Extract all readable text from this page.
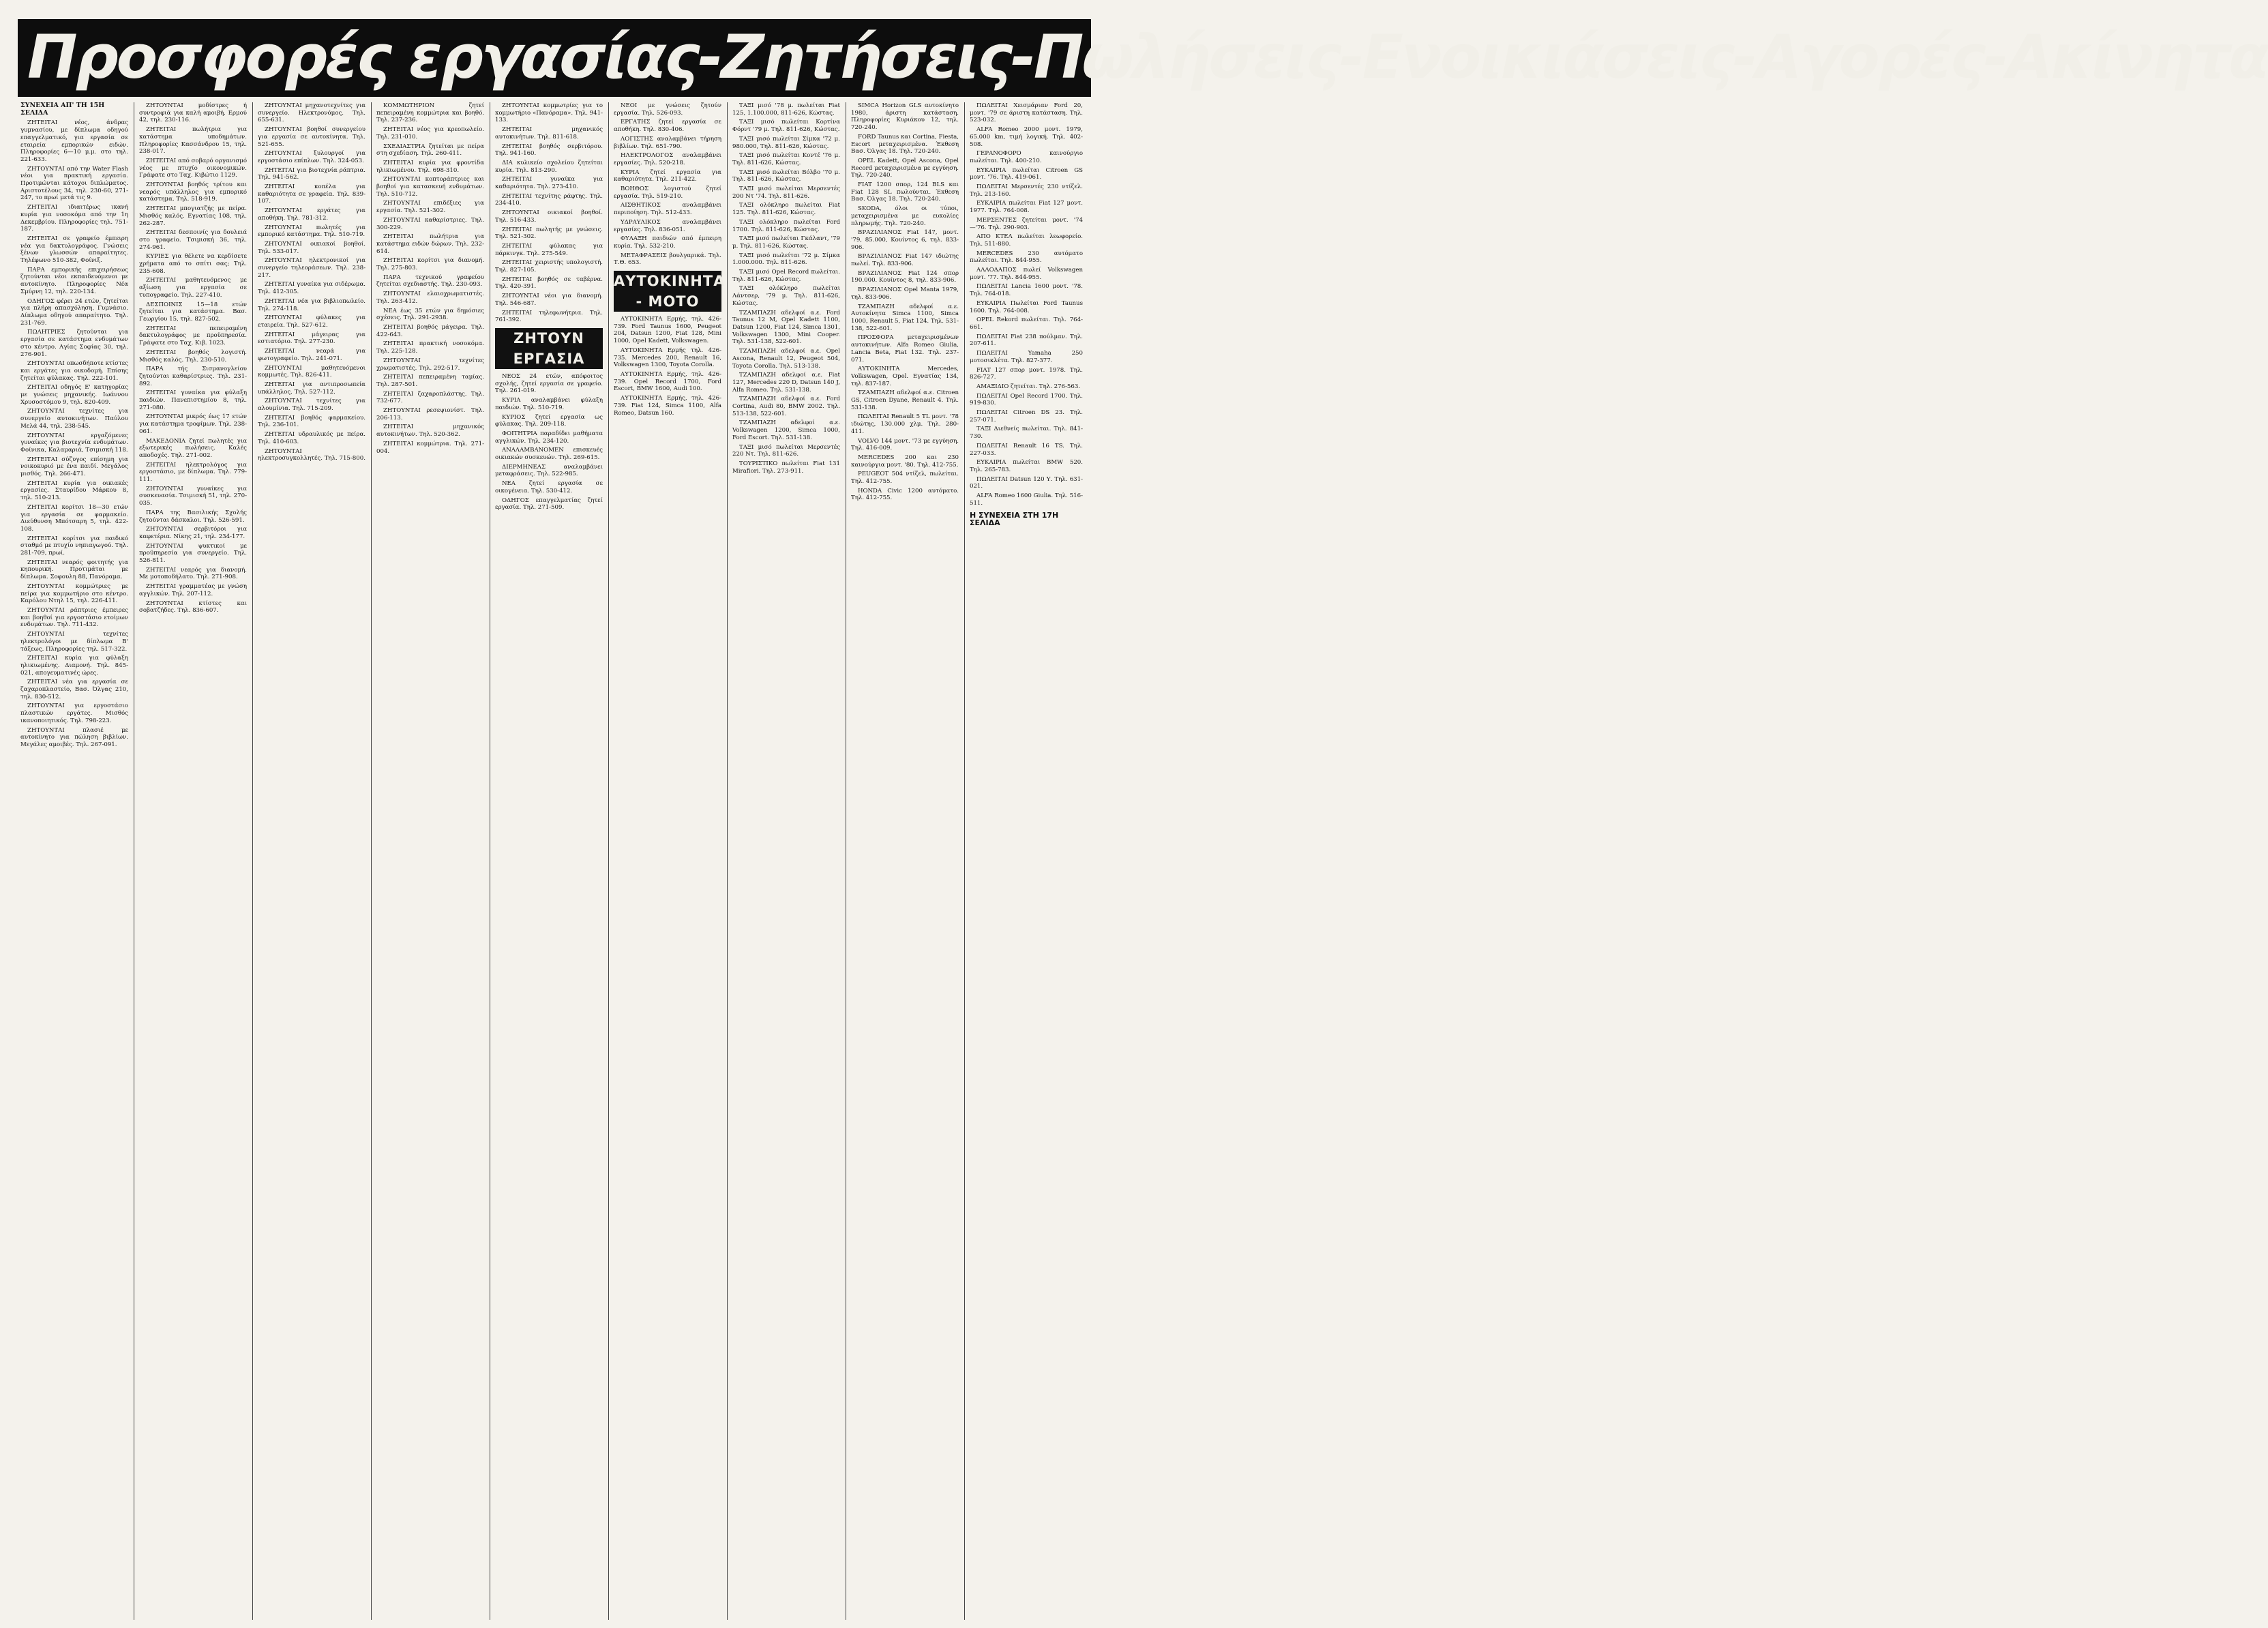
Προσφορές εργασίας-Ζητήσεις-Πωλήσεις-Ενοικιάσεις-Αγορές-Ακίνητα
ΣΥΝΕΧΕΙΑ ΑΠ' ΤΗ 15Η ΣΕΛΙΔΑ

ΖΗΤΕΙΤΑΙ νέος, άνδρας γυμνασίου, με δίπλωμα οδηγού επαγγελματικό, για εργασία σε εταιρεία εμπορικών ειδών. Πληροφορίες 6—10 μ.μ. στο τηλ. 221-633.

ΖΗΤΟΥΝΤΑΙ από την Water Flash νέοι για πρακτική εργασία. Προτιμώνται κάτοχοι διπλώματος. Αριστοτέλους 34, τηλ. 230-60, 271-247, το πρωί μετά τις 9.

ΖΗΤΕΙΤΑΙ ιδιαιτέρως ικανή κυρία για νοσοκόμα από την 1η Δεκεμβρίου. Πληροφορίες τηλ. 751-187.

ΖΗΤΕΙΤΑΙ σε γραφείο έμπειρη νέα για δακτυλογράφος. Γνώσεις ξένων γλωσσών απαραίτητες. Τηλέφωνο 510-382, Φοίνιξ.

ΠΑΡΑ εμπορικής επιχειρήσεως ζητούνται νέοι εκπαιδευόμενοι με αυτοκίνητο. Πληροφορίες Νέα Σμύρνη 12, τηλ. 220-134.

ΟΔΗΓΟΣ φέρει 24 ετών, ζητείται για πλήρη απασχόληση, Γυμνάσιο. Δίπλωμα οδηγού απαραίτητο. Τηλ. 231-769.

ΠΩΛΗΤΡΙΕΣ ζητούνται για εργασία σε κατάστημα ενδυμάτων στο κέντρο. Αγίας Σοφίας 30, τηλ. 276-901.

ΖΗΤΟΥΝΤΑΙ οπωσδήποτε κτίστες και εργάτες για οικοδομή. Επίσης ζητείται φύλακας. Τηλ. 222-101.

ΖΗΤΕΙΤΑΙ οδηγός Ε' κατηγορίας με γνώσεις μηχανικής. Ιωάννου Χρυσοστόμου 9, τηλ. 820-409.

ΖΗΤΟΥΝΤΑΙ τεχνίτες για συνεργείο αυτοκινήτων. Παύλου Μελά 44, τηλ. 238-545.

ΖΗΤΟΥΝΤΑΙ εργαζόμενες γυναίκες για βιοτεχνία ενδυμάτων. Φοίνικα, Καλαμαριά, Τσιμισκή 118.

ΖΗΤΕΙΤΑΙ σύζυγος επίσημη για νοικοκυριό με ένα παιδί. Μεγάλος μισθός. Τηλ. 266-471.

ΖΗΤΕΙΤΑΙ κυρία για οικιακές εργασίες. Σταυρίδου Μάρκου 8, τηλ. 510-213.

ΖΗΤΕΙΤΑΙ κορίτσι 18—30 ετών για εργασία σε φαρμακείο. Διεύθυνση Μπότσαρη 5, τηλ. 422-108.

ΖΗΤΕΙΤΑΙ κορίτσι για παιδικό σταθμό με πτυχίο νηπιαγωγού. Τηλ. 281-709, πρωί.

ΖΗΤΕΙΤΑΙ νεαρός φοιτητής για κηπουρική. Προτιμάται με δίπλωμα. Σοφουλη 88, Πανόραμα.

ΖΗΤΟΥΝΤΑΙ κομμώτριες με πείρα για κομμωτήριο στο κέντρο. Καρόλου Ντηλ 15, τηλ. 226-411.

ΖΗΤΟΥΝΤΑΙ ράπτριες έμπειρες και βοηθοί για εργοστάσιο ετοίμων ενδυμάτων. Τηλ. 711-432.

ΖΗΤΟΥΝΤΑΙ τεχνίτες ηλεκτρολόγοι με δίπλωμα Β' τάξεως. Πληροφορίες τηλ. 517-322.

ΖΗΤΕΙΤΑΙ κυρία για φύλαξη ηλικιωμένης. Διαμονή. Τηλ. 845-021, απογευματινές ώρες.

ΖΗΤΕΙΤΑΙ νέα για εργασία σε ζαχαροπλαστείο, Βασ. Όλγας 210, τηλ. 830-512.

ΖΗΤΟΥΝΤΑΙ για εργοστάσιο πλαστικών εργάτες. Μισθός ικανοποιητικός. Τηλ. 798-223.

ΖΗΤΟΥΝΤΑΙ πλασιέ με αυτοκίνητο για πώληση βιβλίων. Μεγάλες αμοιβές. Τηλ. 267-091.

ΖΗΤΟΥΝΤΑΙ μοδίστρες ή συντροφιά για καλή αμοιβή. Ερμού 42, τηλ. 230-116.

ΖΗΤΕΙΤΑΙ πωλήτρια για κατάστημα υποδημάτων. Πληροφορίες Κασσάνδρου 15, τηλ. 238-017.

ΖΗΤΕΙΤΑΙ από σοβαρό οργανισμό νέος με πτυχίο οικονομικών. Γράφατε στο Ταχ. Κιβώτιο 1129.

ΖΗΤΟΥΝΤΑΙ βοηθός τρίτου και νεαρός υπάλληλος για εμπορικό κατάστημα. Τηλ. 518-919.

ΖΗΤΕΙΤΑΙ μπογιατζής με πείρα. Μισθός καλός. Εγνατίας 108, τηλ. 262-287.

ΖΗΤΕΙΤΑΙ δεσποινίς για δουλειά στο γραφείο. Τσιμισκή 36, τηλ. 274-961.

ΚΥΡΙΕΣ για θέλετε να κερδίσετε χρήματα από το σπίτι σας; Τηλ. 235-608.

ΖΗΤΕΙΤΑΙ μαθητευόμενος με αξίωση για εργασία σε τυπογραφείο. Τηλ. 227-410.

ΔΕΣΠΟΙΝΙΣ 15—18 ετών ζητείται για κατάστημα. Βασ. Γεωργίου 15, τηλ. 827-502.

ΖΗΤΕΙΤΑΙ πεπειραμένη δακτυλογράφος με προϋπηρεσία. Γράψατε στο Ταχ. Κιβ. 1023.

ΖΗΤΕΙΤΑΙ βοηθός λογιστή. Μισθός καλός. Τηλ. 230-510.

ΠΑΡΑ τής Σισμανογλείου ζητούνται καθαρίστριες. Τηλ. 231-892.

ΖΗΤΕΙΤΑΙ γυναίκα για φύλαξη παιδιών. Πανεπιστημίου 8, τηλ. 271-080.

ΖΗΤΟΥΝΤΑΙ μικρός έως 17 ετών για κατάστημα τροφίμων. Τηλ. 238-061.

ΜΑΚΕΔΟΝΙΑ ζητεί πωλητές για εξωτερικές πωλήσεις. Καλές αποδοχές. Τηλ. 271-002.

ΖΗΤΕΙΤΑΙ ηλεκτρολόγος για εργοστάσιο, με δίπλωμα. Τηλ. 779-111.

ΖΗΤΟΥΝΤΑΙ γυναίκες για συσκευασία. Τσιμισκή 51, τηλ. 270-035.

ΠΑΡΑ της Βασιλικής Σχολής ζητούνται δάσκαλοι. Τηλ. 526-591.

ΖΗΤΟΥΝΤΑΙ σερβιτόροι για καφετέρια. Νίκης 21, τηλ. 234-177.

ΖΗΤΟΥΝΤΑΙ ψυκτικοί με προϋπηρεσία για συνεργείο. Τηλ. 526-811.

ΖΗΤΕΙΤΑΙ νεαρός για διανομή. Με μοτοποδήλατο. Τηλ. 271-908.

ΖΗΤΕΙΤΑΙ γραμματέας με γνώση αγγλικών. Τηλ. 207-112.

ΖΗΤΟΥΝΤΑΙ κτίστες και σοβατζήδες. Τηλ. 836-607.

ΖΗΤΟΥΝΤΑΙ μηχανοτεχνίτες για συνεργείο. Ηλεκτρονόμος. Τηλ. 655-631.

ΖΗΤΟΥΝΤΑΙ βοηθοί συνεργείου για εργασία σε αυτοκίνητα. Τηλ. 521-655.

ΖΗΤΟΥΝΤΑΙ ξυλουργοί για εργοστάσιο επίπλων. Τηλ. 324-053.

ΖΗΤΕΙΤΑΙ για βιοτεχνία ράπτρια. Τηλ. 941-562.

ΖΗΤΕΙΤΑΙ κοπέλα για καθαριότητα σε γραφεία. Τηλ. 839-107.

ΖΗΤΟΥΝΤΑΙ εργάτες για αποθήκη. Τηλ. 781-312.

ΖΗΤΟΥΝΤΑΙ πωλητές για εμπορικό κατάστημα. Τηλ. 510-719.

ΖΗΤΟΥΝΤΑΙ οικιακοί βοηθοί. Τηλ. 533-017.

ΖΗΤΟΥΝΤΑΙ ηλεκτρονικοί για συνεργείο τηλεοράσεων. Τηλ. 238-217.

ΖΗΤΕΙΤΑΙ γυναίκα για σιδέρωμα. Τηλ. 412-305.

ΖΗΤΕΙΤΑΙ νέα για βιβλιοπωλείο. Τηλ. 274-118.

ΖΗΤΟΥΝΤΑΙ φύλακες για εταιρεία. Τηλ. 527-612.

ΖΗΤΕΙΤΑΙ μάγειρας για εστιατόριο. Τηλ. 277-230.

ΖΗΤΕΙΤΑΙ νεαρά για φωτογραφείο. Τηλ. 241-071.

ΖΗΤΟΥΝΤΑΙ μαθητευόμενοι κομμωτές. Τηλ. 826-411.

ΖΗΤΕΙΤΑΙ για αντιπροσωπεία υπάλληλος. Τηλ. 527-112.

ΖΗΤΟΥΝΤΑΙ τεχνίτες για αλουμίνια. Τηλ. 715-209.

ΖΗΤΕΙΤΑΙ βοηθός φαρμακείου. Τηλ. 236-101.

ΖΗΤΕΙΤΑΙ υδραυλικός με πείρα. Τηλ. 410-603.

ΖΗΤΟΥΝΤΑΙ ηλεκτροσυγκολλητές. Τηλ. 715-800.

ΚΟΜΜΩΤΗΡΙΟΝ ζητεί πεπειραμένη κομμώτρια και βοηθό. Τηλ. 237-236.

ΖΗΤΕΙΤΑΙ νέος για κρεοπωλείο. Τηλ. 231-010.

ΣΧΕΔΙΑΣΤΡΙΑ ζητείται με πείρα στη σχεδίαση. Τηλ. 260-411.

ΖΗΤΕΙΤΑΙ κυρία για φροντίδα ηλικιωμένου. Τηλ. 698-310.

ΖΗΤΟΥΝΤΑΙ κοπτοράπτριες και βοηθοί για κατασκευή ενδυμάτων. Τηλ. 510-712.

ΖΗΤΟΥΝΤΑΙ επιδέξιες για εργασία. Τηλ. 521-302.

ΖΗΤΟΥΝΤΑΙ καθαρίστριες. Τηλ. 300-229.

ΖΗΤΕΙΤΑΙ πωλήτρια για κατάστημα ειδών δώρων. Τηλ. 232-614.

ΖΗΤΕΙΤΑΙ κορίτσι για διανομή. Τηλ. 275-803.

ΠΑΡΑ τεχνικού γραφείου ζητείται σχεδιαστής. Τηλ. 230-093.

ΖΗΤΟΥΝΤΑΙ ελαιοχρωματιστές. Τηλ. 263-412.

ΝΕΑ έως 35 ετών για δημόσιες σχέσεις. Τηλ. 291-2938.

ΖΗΤΕΙΤΑΙ βοηθός μάγειρα. Τηλ. 422-643.

ΖΗΤΕΙΤΑΙ πρακτική νοσοκόμα. Τηλ. 225-128.

ΖΗΤΟΥΝΤΑΙ τεχνίτες χρωματιστές. Τηλ. 292-517.

ΖΗΤΕΙΤΑΙ πεπειραμένη ταμίας. Τηλ. 287-501.

ΖΗΤΕΙΤΑΙ ζαχαροπλάστης. Τηλ. 732-677.

ΖΗΤΟΥΝΤΑΙ ρεσεψιονίστ. Τηλ. 206-113.

ΖΗΤΕΙΤΑΙ μηχανικός αυτοκινήτων. Τηλ. 520-362.

ΖΗΤΕΙΤΑΙ κομμώτρια. Τηλ. 271-004.

ΖΗΤΟΥΝΤΑΙ κομμωτρίες για το κομμωτήριο «Πανόραμα». Τηλ. 941-133.

ΖΗΤΕΙΤΑΙ μηχανικός αυτοκινήτων. Τηλ. 811-618.

ΖΗΤΕΙΤΑΙ βοηθός σερβιτόρου. Τηλ. 941-160.

ΔΙΑ κυλικείο σχολείου ζητείται κυρία. Τηλ. 813-290.

ΖΗΤΕΙΤΑΙ γυναίκα για καθαριότητα. Τηλ. 273-410.

ΖΗΤΕΙΤΑΙ τεχνίτης ράφτης. Τηλ. 234-410.

ΖΗΤΟΥΝΤΑΙ οικιακοί βοηθοί. Τηλ. 516-433.

ΖΗΤΕΙΤΑΙ πωλητής με γνώσεις. Τηλ. 521-302.

ΖΗΤΕΙΤΑΙ φύλακας για πάρκινγκ. Τηλ. 275-549.

ΖΗΤΕΙΤΑΙ χειριστής υπολογιστή. Τηλ. 827-105.

ΖΗΤΕΙΤΑΙ βοηθός σε ταβέρνα. Τηλ. 420-391.

ΖΗΤΟΥΝΤΑΙ νέοι για διανομή. Τηλ. 546-687.

ΖΗΤΕΙΤΑΙ τηλεφωνήτρια. Τηλ. 761-392.

ΖΗΤΟΥΝ ΕΡΓΑΣΙΑ

ΝΕΟΣ 24 ετών, απόφοιτος σχολής, ζητεί εργασία σε γραφείο. Τηλ. 261-019.

ΚΥΡΙΑ αναλαμβάνει φύλαξη παιδιών. Τηλ. 510-719.

ΚΥΡΙΟΣ ζητεί εργασία ως φύλακας. Τηλ. 209-118.

ΦΟΙΤΗΤΡΙΑ παραδίδει μαθήματα αγγλικών. Τηλ. 234-120.

ΑΝΑΛΑΜΒΑΝΟΜΕΝ επισκευές οικιακών συσκευών. Τηλ. 269-615.

ΔΙΕΡΜΗΝΕΑΣ αναλαμβάνει μεταφράσεις. Τηλ. 522-985.

ΝΕΑ ζητεί εργασία σε οικογένεια. Τηλ. 530-412.

ΟΔΗΓΟΣ επαγγελματίας ζητεί εργασία. Τηλ. 271-509.

ΝΕΟΙ με γνώσεις ζητούν εργασία. Τηλ. 526-093.

ΕΡΓΑΤΗΣ ζητεί εργασία σε αποθήκη. Τηλ. 830-406.

ΛΟΓΙΣΤΗΣ αναλαμβάνει τήρηση βιβλίων. Τηλ. 651-790.

ΗΛΕΚΤΡΟΛΟΓΟΣ αναλαμβάνει εργασίες. Τηλ. 520-218.

ΚΥΡΙΑ ζητεί εργασία για καθαριότητα. Τηλ. 211-422.

ΒΟΗΘΟΣ λογιστού ζητεί εργασία. Τηλ. 519-210.

ΑΙΣΘΗΤΙΚΟΣ αναλαμβάνει περιποίηση. Τηλ. 512-433.

ΥΔΡΑΥΛΙΚΟΣ αναλαμβάνει εργασίες. Τηλ. 836-051.

ΦΥΛΑΞΗ παιδιών από έμπειρη κυρία. Τηλ. 532-210.

ΜΕΤΑΦΡΑΣΕΙΣ βουλγαρικά. Τηλ. Τ.Θ. 653.

ΑΥΤΟΚΙΝΗΤΑ - ΜΟΤΟ

ΑΥΤΟΚΙΝΗΤΑ Ερμής, τηλ. 426-739. Ford Taunus 1600, Peugeot 204, Datsun 1200, Fiat 128, Mini 1000, Opel Kadett, Volkswagen.

ΑΥΤΟΚΙΝΗΤΑ Ερμής τηλ. 426-735. Mercedes 200, Renault 16, Volkswagen 1300, Toyota Corolla.

ΑΥΤΟΚΙΝΗΤΑ Ερμής, τηλ. 426-739. Opel Record 1700, Ford Escort, BMW 1600, Audi 100.

ΑΥΤΟΚΙΝΗΤΑ Ερμής, τηλ. 426-739. Fiat 124, Simca 1100, Alfa Romeo, Datsun 160.

ΤΑΞΙ μισό '78 μ. πωλείται Fiat 125, 1.100.000, 811-626, Κώστας.

ΤΑΞΙ μισό πωλείται Κορτίνα Φόρντ '79 μ. Τηλ. 811-626, Κώστας.

ΤΑΞΙ μισό πωλείται Σίμκα '72 μ. 980.000, Τηλ. 811-626, Κώστας.

ΤΑΞΙ μισό πωλείται Κοντέ '76 μ. Τηλ. 811-626, Κώστας.

ΤΑΞΙ μισό πωλείται Βόλβο '70 μ. Τηλ. 811-626, Κώστας.

ΤΑΞΙ μισό πωλείται Μερσεντές 200 Ντ '74. Τηλ. 811-626.

ΤΑΞΙ ολόκληρο πωλείται Fiat 125. Τηλ. 811-626, Κώστας.

ΤΑΞΙ ολόκληρο πωλείται Ford 1700. Τηλ. 811-626, Κώστας.

ΤΑΞΙ μισό πωλείται Γκάλαντ, '79 μ. Τηλ. 811-626, Κώστας.

ΤΑΞΙ μισό πωλείται '72 μ. Σίμκα 1.000.000. Τηλ. 811-626.

ΤΑΞΙ μισό Opel Record πωλείται. Τηλ. 811-626, Κώστας.

ΤΑΞΙ ολόκληρο πωλείται Λάντσερ, '79 μ. Τηλ. 811-626, Κώστας.

ΤΖΑΜΠΑΖΗ αδελφοί α.ε. Ford Taunus 12 Μ, Opel Kadett 1100, Datsun 1200, Fiat 124, Simca 1301, Volkswagen 1300, Mini Cooper. Τηλ. 531-138, 522-601.

ΤΖΑΜΠΑΖΗ αδελφοί α.ε. Opel Ascona, Renault 12, Peugeot 504, Toyota Corolla. Τηλ. 513-138.

ΤΖΑΜΠΑΖΗ αδελφοί α.ε. Fiat 127, Mercedes 220 D, Datsun 140 J, Alfa Romeo. Τηλ. 531-138.

ΤΖΑΜΠΑΖΗ αδελφοί α.ε. Ford Cortina, Audi 80, BMW 2002. Τηλ. 513-138, 522-601.

ΤΖΑΜΠΑΖΗ αδελφοί α.ε. Volkswagen 1200, Simca 1000, Ford Escort. Τηλ. 531-138.

ΤΑΞΙ μισό πωλείται Μερσεντές 220 Ντ. Τηλ. 811-626.

ΤΟΥΡΙΣΤΙΚΟ πωλείται Fiat 131 Mirafiori. Τηλ. 273-911.

SIMCA Horizon GLS αυτοκίνητο 1980, άριστη κατάσταση. Πληροφορίες Κυριάκου 12, τηλ. 720-240.

FORD Taunus και Cortina, Fiesta, Escort μεταχειρισμένα. Έκθεση Βασ. Όλγας 18. Τηλ. 720-240.

OPEL Kadett, Opel Ascona, Opel Record μεταχειρισμένα με εγγύηση. Τηλ. 720-240.

FIAT 1200 σπορ, 124 BLS και Fiat 128 SL πωλούνται. Έκθεση Βασ. Όλγας 18. Τηλ. 720-240.

SKODA, όλοι οι τύποι, μεταχειρισμένα με ευκολίες πληρωμής. Τηλ. 720-240.

ΒΡΑΖΙΛΙΑΝΟΣ Fiat 147, μοντ. '79, 85.000, Κουίντος 6, τηλ. 833-906.

ΒΡΑΖΙΛΙΑΝΟΣ Fiat 147 ιδιώτης πωλεί. Τηλ. 833-906.

ΒΡΑΖΙΛΙΑΝΟΣ Fiat 124 σπορ 190.000. Κουίντος 8, τηλ. 833-906.

ΒΡΑΖΙΛΙΑΝΟΣ Opel Manta 1979, τηλ. 833-906.

ΤΖΑΜΠΑΖΗ αδελφοί α.ε. Αυτοκίνητα Simca 1100, Simca 1000, Renault 5, Fiat 124. Τηλ. 531-138, 522-601.

ΠΡΟΣΦΟΡΑ μεταχειρισμένων αυτοκινήτων. Alfa Romeo Giulia, Lancia Beta, Fiat 132. Τηλ. 237-071.

ΑΥΤΟΚΙΝΗΤΑ Mercedes, Volkswagen, Opel. Εγνατίας 134, τηλ. 837-187.

ΤΖΑΜΠΑΖΗ αδελφοί α.ε. Citroen GS, Citroen Dyane, Renault 4. Τηλ. 531-138.

ΠΩΛΕΙΤΑΙ Renault 5 TL μοντ. '78 ιδιώτης, 130.000 χλμ. Τηλ. 280-411.

VOLVO 144 μοντ. '73 με εγγύηση. Τηλ. 416-009.

MERCEDES 200 και 230 καινούργια μοντ. '80. Τηλ. 412-755.

PEUGEOT 504 ντίζελ, πωλείται. Τηλ. 412-755.

HONDA Civic 1200 αυτόματο. Τηλ. 412-755.

ΠΩΛΕΙΤΑΙ Χεισμάριαν Ford 20, μοντ. '79 σε άριστη κατάσταση. Τηλ. 523-032.

ALFA Romeo 2000 μοντ. 1979, 65.000 km, τιμή λογική. Τηλ. 402-508.

ΓΕΡΑΝΟΦΟΡΟ καινούργιο πωλείται. Τηλ. 400-210.

ΕΥΚΑΙΡΙΑ πωλείται Citroen GS μοντ. '76. Τηλ. 419-061.

ΠΩΛΕΙΤΑΙ Μερσεντές 230 ντίζελ. Τηλ. 213-160.

ΕΥΚΑΙΡΙΑ πωλείται Fiat 127 μοντ. 1977. Τηλ. 764-008.

ΜΕΡΣΕΝΤΕΣ ζητείται μοντ. '74—'76. Τηλ. 290-903.

ΑΠΟ ΚΤΕΛ πωλείται λεωφορείο. Τηλ. 511-880.

MERCEDES 230 αυτόματο πωλείται. Τηλ. 844-955.

ΑΛΛΟΔΑΠΟΣ πωλεί Volkswagen μοντ. '77. Τηλ. 844-955.

ΠΩΛΕΙΤΑΙ Lancia 1600 μοντ. '78. Τηλ. 764-018.

ΕΥΚΑΙΡΙΑ Πωλείται Ford Taunus 1600. Τηλ. 764-008.

OPEL Rekord πωλείται. Τηλ. 764-661.

ΠΩΛΕΙΤΑΙ Fiat 238 πούλμαν. Τηλ. 207-611.

ΠΩΛΕΙΤΑΙ Yamaha 250 μοτοσικλέτα. Τηλ. 827-377.

FIAT 127 σπορ μοντ. 1978. Τηλ. 826-727.

ΑΜΑΞΙΔΙΟ ζητείται. Τηλ. 276-563.

ΠΩΛΕΙΤΑΙ Opel Record 1700. Τηλ. 919-830.

ΠΩΛΕΙΤΑΙ Citroen DS 23. Τηλ. 257-071.

ΤΑΞΙ Διεθνείς πωλείται. Τηλ. 841-730.

ΠΩΛΕΙΤΑΙ Renault 16 TS. Τηλ. 227-033.

ΕΥΚΑΙΡΙΑ πωλείται BMW 520. Τηλ. 265-783.

ΠΩΛΕΙΤΑΙ Datsun 120 Υ. Τηλ. 631-021.

ALFA Romeo 1600 Giulia. Τηλ. 516-511.

Η ΣΥΝΕΧΕΙΑ ΣΤΗ 17Η ΣΕΛΙΔΑ
